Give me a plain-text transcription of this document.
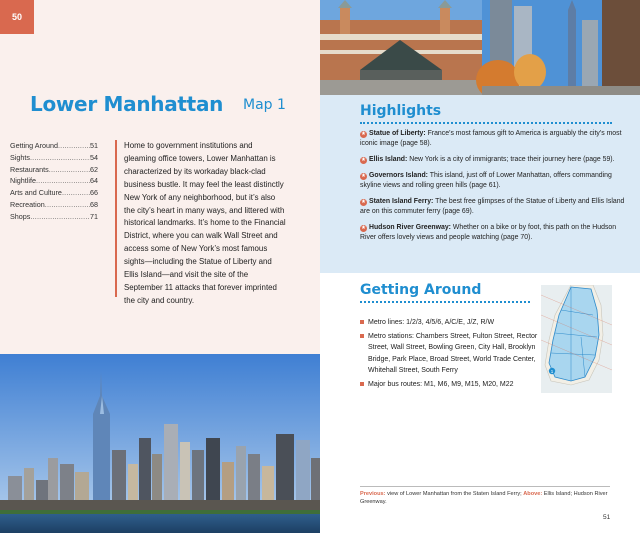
50
Lower Manhattan Map 1
Getting Around .....	51
Sights .....	54
Restaurants .....	62
Nightlife .....	64
Arts and Culture .....	66
Recreation .....	68
Shops .....	71

Home to government institutions and gleaming office towers, Lower Manhattan is characterized by its workaday black-clad business bustle. It may feel the least distinctly New York of any neighborhood, but it’s also the city’s heart in many ways, and littered with historical landmarks. It’s home to the Financial District, where you can walk Wall Street and access some of New York’s most famous sights—including the Statue of Liberty and Ellis Island—and visit the site of the September 11 attacks that forever imprinted the city and country.

Highlights
★ Statue of Liberty: France’s most famous gift to America is arguably the city’s most iconic image (page 58).
★ Ellis Island: New York is a city of immigrants; trace their journey here (page 59).
★ Governors Island: This island, just off of Lower Manhattan, offers commanding skyline views and rolling green hills (page 61).
★ Staten Island Ferry: The best free glimpses of the Statue of Liberty and Ellis Island are on this commuter ferry (page 69).
★ Hudson River Greenway: Whether on a bike or by foot, this path on the Hudson River offers lovely views and people watching (page 70).
Getting Around
Metro lines: 1/2/3, 4/5/6, A/C/E, J/Z, R/W
Metro stations: Chambers Street, Fulton Street, Rector Street, Wall Street, Bowling Green, City Hall, Brooklyn Bridge, Park Place, Broad Street, World Trade Center, Whitehall Street, South Ferry
Major bus routes: M1, M6, M9, M15, M20, M22
1

Previous: view of Lower Manhattan from the Staten Island Ferry; Above: Ellis Island; Hudson River Greenway.

51
